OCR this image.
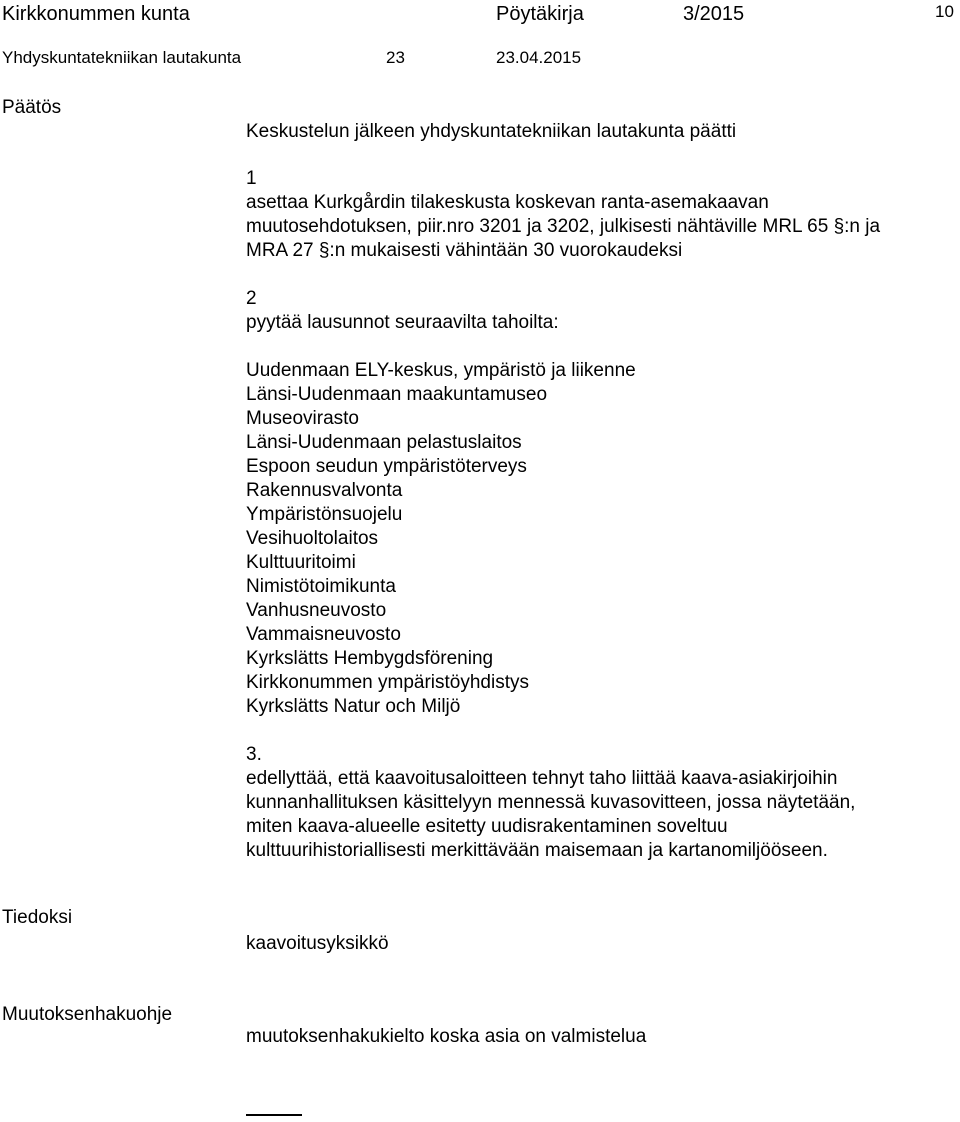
Kirkkonummen kunta	Pöytäkirja	3/2015	10
Yhdyskuntatekniikan lautakunta	23	23.04.2015
Päätös
Keskustelun jälkeen yhdyskuntatekniikan lautakunta päätti
1
asettaa Kurkgårdin tilakeskusta koskevan ranta-asemakaavan
muutosehdotuksen, piir.nro 3201 ja 3202, julkisesti nähtäville MRL 65 §:n ja
MRA 27 §:n mukaisesti vähintään 30 vuorokaudeksi
2
pyytää lausunnot seuraavilta tahoilta:
Uudenmaan ELY-keskus, ympäristö ja liikenne
Länsi-Uudenmaan maakuntamuseo
Museovirasto
Länsi-Uudenmaan pelastuslaitos
Espoon seudun ympäristöterveys
Rakennusvalvonta
Ympäristönsuojelu
Vesihuoltolaitos
Kulttuuritoimi
Nimistötoimikunta
Vanhusneuvosto
Vammaisneuvosto
Kyrkslätts Hembygdsförening
Kirkkonummen ympäristöyhdistys
Kyrkslätts Natur och Miljö
3.
edellyttää, että kaavoitusaloitteen tehnyt taho liittää kaava-asiakirjoihin
kunnanhallituksen käsittelyyn mennessä kuvasovitteen, jossa näytetään,
miten kaava-alueelle esitetty uudisrakentaminen soveltuu
kulttuurihistoriallisesti merkittävään maisemaan ja kartanomiljööseen.
Tiedoksi
kaavoitusyksikkö
Muutoksenhakuohje
muutoksenhakukielto koska asia on valmistelua
